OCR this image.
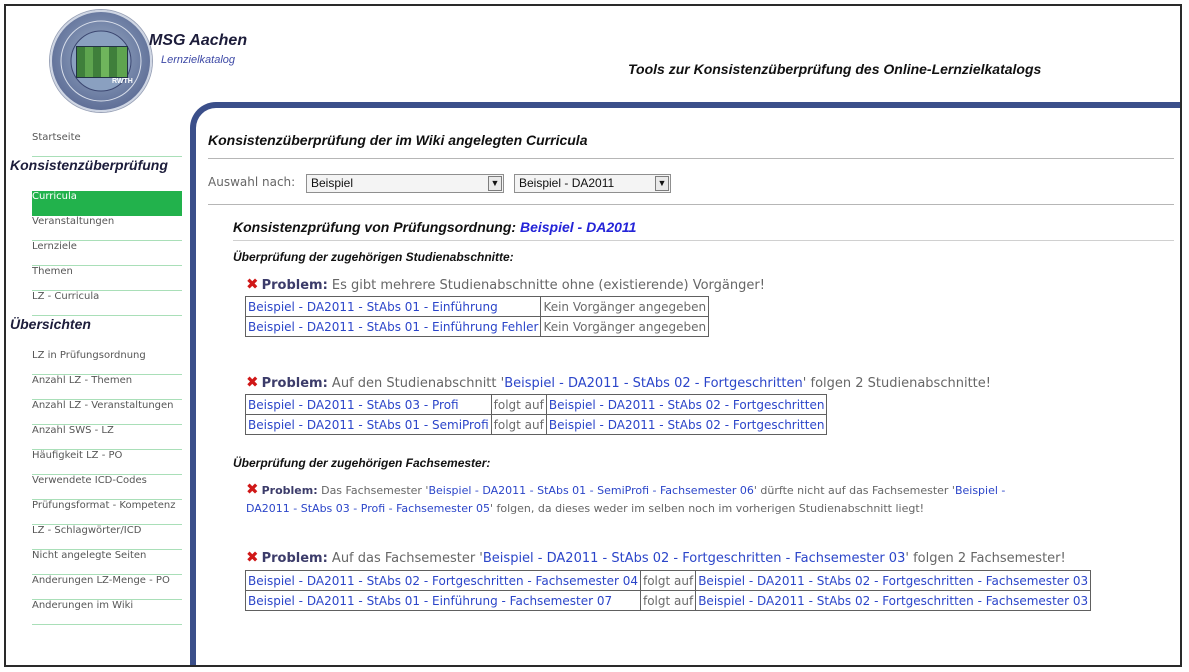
RWTH
MSG Aachen
Lernzielkatalog
Tools zur Konsistenzüberprüfung des Online-Lernzielkatalogs
Startseite
Konsistenzüberprüfung
Curricula
Veranstaltungen
Lernziele
Themen
LZ - Curricula
Übersichten
LZ in Prüfungsordnung
Anzahl LZ - Themen
Anzahl LZ - Veranstaltungen
Anzahl SWS - LZ
Häufigkeit LZ - PO
Verwendete ICD-Codes
Prüfungsformat - Kompetenz
LZ - Schlagwörter/ICD
Nicht angelegte Seiten
Änderungen LZ-Menge - PO
Änderungen im Wiki
Konsistenzüberprüfung der im Wiki angelegten Curricula
Auswahl nach:	Beispiel	▼	Beispiel - DA2011	▼
Konsistenzprüfung von Prüfungsordnung: Beispiel - DA2011
Überprüfung der zugehörigen Studienabschnitte:
✖ Problem: Es gibt mehrere Studienabschnitte ohne (existierende) Vorgänger!
Beispiel - DA2011 - StAbs 01 - Einführung	Kein Vorgänger angegeben
Beispiel - DA2011 - StAbs 01 - Einführung Fehler	Kein Vorgänger angegeben
✖ Problem: Auf den Studienabschnitt 'Beispiel - DA2011 - StAbs 02 - Fortgeschritten' folgen 2 Studienabschnitte!
Beispiel - DA2011 - StAbs 03 - Profi	folgt auf	Beispiel - DA2011 - StAbs 02 - Fortgeschritten
Beispiel - DA2011 - StAbs 01 - SemiProfi	folgt auf	Beispiel - DA2011 - StAbs 02 - Fortgeschritten
Überprüfung der zugehörigen Fachsemester:
✖ Problem: Das Fachsemester 'Beispiel - DA2011 - StAbs 01 - SemiProfi - Fachsemester 06' dürfte nicht auf das Fachsemester 'Beispiel - DA2011 - StAbs 03 - Profi - Fachsemester 05' folgen, da dieses weder im selben noch im vorherigen Studienabschnitt liegt!
✖ Problem: Auf das Fachsemester 'Beispiel - DA2011 - StAbs 02 - Fortgeschritten - Fachsemester 03' folgen 2 Fachsemester!
Beispiel - DA2011 - StAbs 02 - Fortgeschritten - Fachsemester 04	folgt auf	Beispiel - DA2011 - StAbs 02 - Fortgeschritten - Fachsemester 03
Beispiel - DA2011 - StAbs 01 - Einführung - Fachsemester 07	folgt auf	Beispiel - DA2011 - StAbs 02 - Fortgeschritten - Fachsemester 03
